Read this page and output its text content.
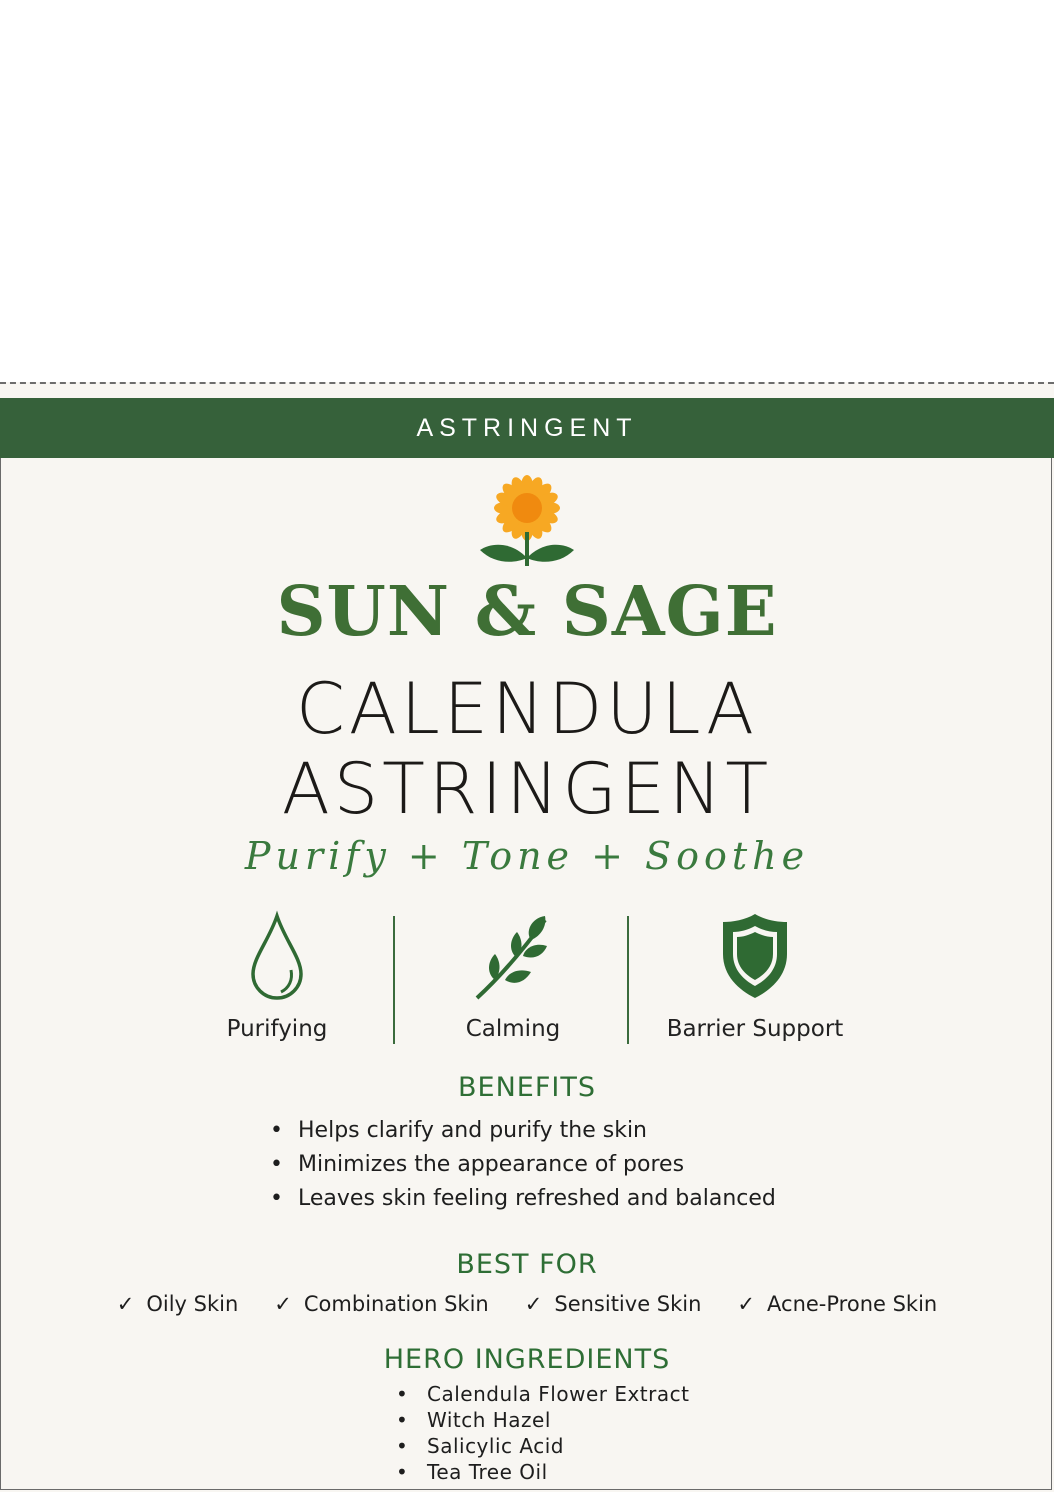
ASTRINGENT
SUN & SAGE
CALENDULA
ASTRINGENT
Purify + Tone + Soothe
Purifying	Calming	Barrier Support
BENEFITS
• Helps clarify and purify the skin
• Minimizes the appearance of pores
• Leaves skin feeling refreshed and balanced
BEST FOR
✓ Oily Skin ✓ Combination Skin ✓ Sensitive Skin ✓ Acne-Prone Skin
HERO INGREDIENTS
• Calendula Flower Extract
• Witch Hazel
• Salicylic Acid
• Tea Tree Oil
